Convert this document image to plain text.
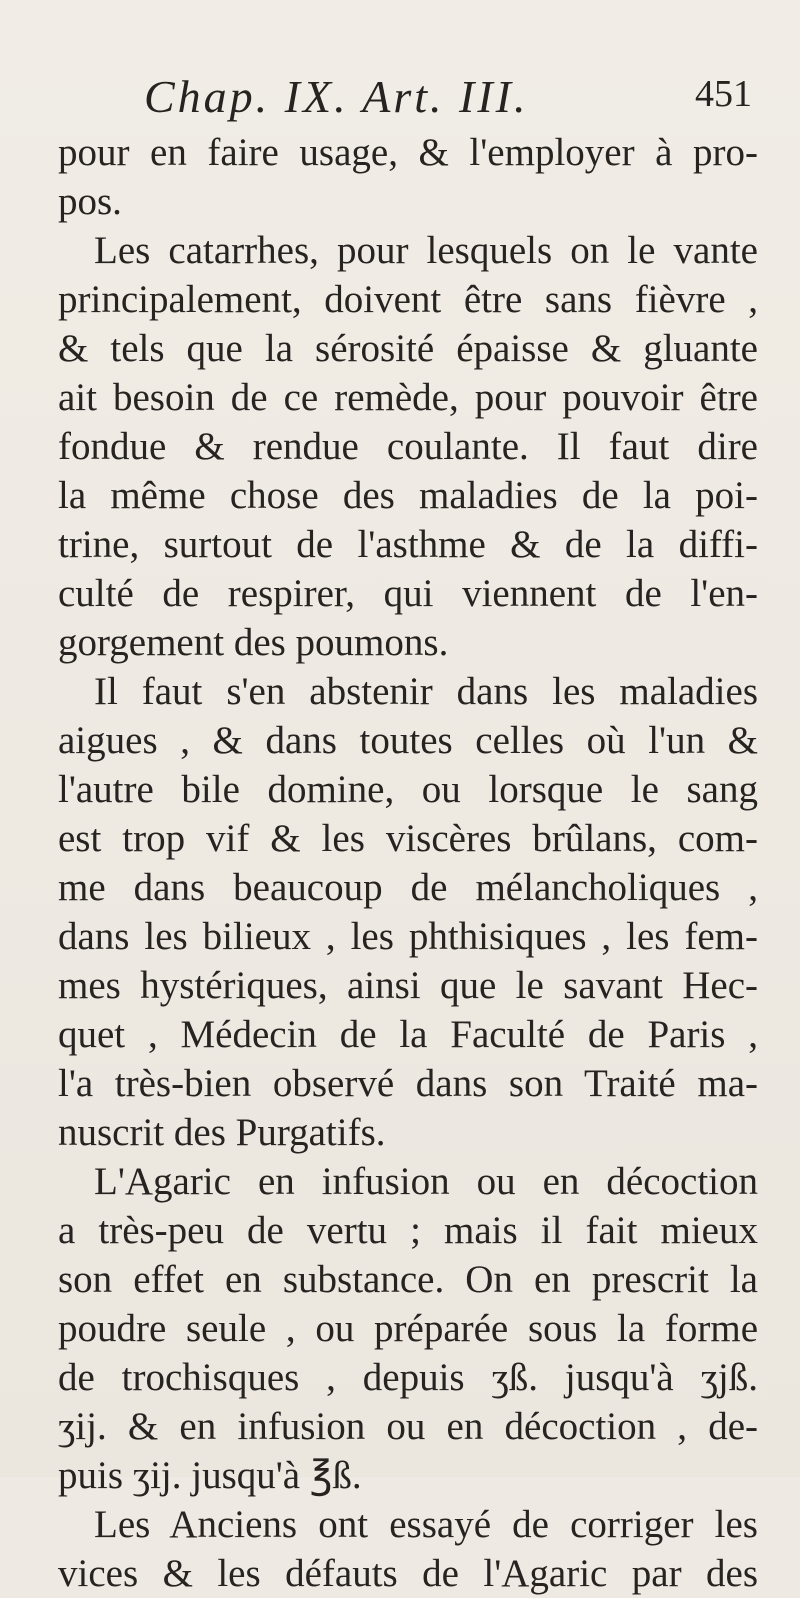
Chap. IX. Art. III.	451
pour en faire usage, & l'employer à pro-
pos.
Les catarrhes, pour lesquels on le vante
principalement, doivent être sans fièvre ,
& tels que la sérosité épaisse & gluante
ait besoin de ce remède, pour pouvoir être
fondue & rendue coulante. Il faut dire
la même chose des maladies de la poi-
trine, surtout de l'asthme & de la diffi-
culté de respirer, qui viennent de l'en-
gorgement des poumons.
Il faut s'en abstenir dans les maladies
aigues , & dans toutes celles où l'un &
l'autre bile domine, ou lorsque le sang
est trop vif & les viscères brûlans, com-
me dans beaucoup de mélancholiques ,
dans les bilieux , les phthisiques , les fem-
mes hystériques, ainsi que le savant Hec-
quet , Médecin de la Faculté de Paris ,
l'a très-bien observé dans son Traité ma-
nuscrit des Purgatifs.
L'Agaric en infusion ou en décoction
a très-peu de vertu ; mais il fait mieux
son effet en substance. On en prescrit la
poudre seule , ou préparée sous la forme
de trochisques , depuis ʒß. jusqu'à ʒjß.
ʒij. & en infusion ou en décoction , de-
puis ʒij. jusqu'à ℥ß.
Les Anciens ont essayé de corriger les
vices & les défauts de l'Agaric par des
